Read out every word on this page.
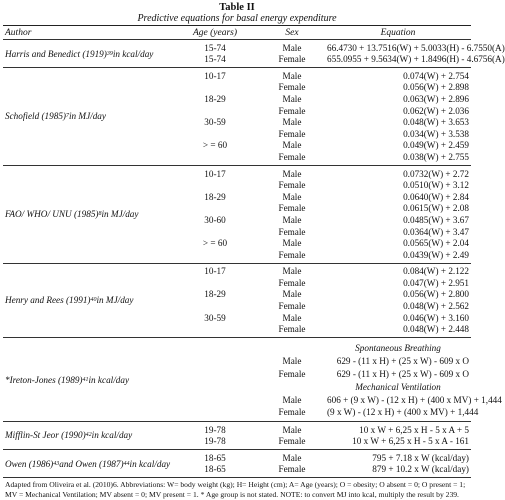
Table II
Predictive equations for basal energy expenditure
Author	Age (years)	Sex	Equation
Harris and Benedict (1919) 39 in kcal/day
15-74	Male	66.4730 + 13.7516(W) + 5.0033(H) - 6.7550(A)
15-74	Female	655.0955 + 9.5634(W) + 1.8496(H) - 4.6756(A)
Schofield (1985) 7 in MJ/day
10-17	Male	0.074(W) + 2.754
Female	0.056(W) + 2.898
18-29	Male	0.063(W) + 2.896
Female	0.062(W) + 2.036
30-59	Male	0.048(W) + 3.653
Female	0.034(W) + 3.538
> = 60	Male	0.049(W) + 2.459
Female	0.038(W) + 2.755
FAO/ WHO/ UNU (1985) 8 in MJ/day
10-17	Male	0.0732(W) + 2.72
Female	0.0510(W) + 3.12
18-29	Male	0.0640(W) + 2.84
Female	0.0615(W) + 2.08
30-60	Male	0.0485(W) + 3.67
Female	0.0364(W) + 3.47
> = 60	Male	0.0565(W) + 2.04
Female	0.0439(W) + 2.49
Henry and Rees (1991) 40 in MJ/day
10-17	Male	0.084(W) + 2.122
Female	0.047(W) + 2.951
18-29	Male	0.056(W) + 2.800
Female	0.048(W) + 2.562
30-59	Male	0.046(W) + 3.160
Female	0.048(W) + 2.448
*Ireton-Jones (1989) 41 in kcal/day
Spontaneous Breathing
Male	629 - (11 x H) + (25 x W) - 609 x O
Female	629 - (11 x H) + (25 x W) - 609 x O
Mechanical Ventilation
Male	606 + (9 x W) - (12 x H) + (400 x MV) + 1,444
Female	(9 x W) - (12 x H) + (400 x MV) + 1,444
Mifflin-St Jeor (1990) 42 in kcal/day
19-78	Male	10 x W + 6,25 x H - 5 x A + 5
19-78	Female	10 x W + 6,25 x H - 5 x A - 161
Owen (1986) 43 and Owen (1987) 44 in kcal/day
18-65	Male	795 + 7.18 x W (kcal/day)
18-65	Female	879 + 10.2 x W (kcal/day)
Adapted from Oliveira et al. (2010)6. Abbreviations: W= body weight (kg); H= Height (cm); A= Age (years); O = obesity; O absent = 0; O present = 1; MV = Mechanical Ventilation; MV absent = 0; MV present = 1. * Age group is not stated. NOTE: to convert MJ into kcal, multiply the result by 239.
